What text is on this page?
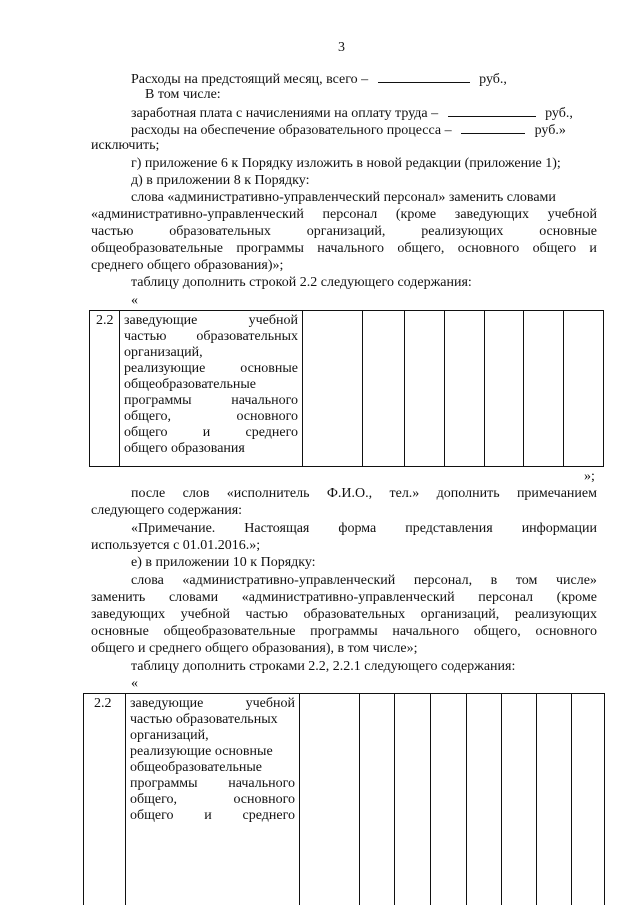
3
Расходы на предстоящий месяц, всего –	руб.,
В том числе:
заработная плата с начислениями на оплату труда –	руб.,
расходы на обеспечение образовательного процесса –	руб.»
исключить;
г) приложение 6 к Порядку изложить в новой редакции (приложение 1);
д) в приложении 8 к Порядку:
слова «административно-управленческий персонал» заменить словами
«административно-управленческий персонал (кроме заведующих учебной
частью	образовательных	организаций,	реализующих	основные
общеобразовательные программы начального общего, основного общего и
среднего общего образования)»;
таблицу дополнить строкой 2.2 следующего содержания:
«
2.2	заведующие	учебной
частью образовательных
организаций,
реализующие основные
общеобразовательные
программы	начального
общего,	основного
общего	и	среднего
общего образования

»;
после слов «исполнитель Ф.И.О., тел.» дополнить примечанием
следующего содержания:
«Примечание. Настоящая форма представления информации
используется с 01.01.2016.»;
е) в приложении 10 к Порядку:
слова «административно-управленческий персонал, в том числе»
заменить словами «административно-управленческий персонал (кроме
заведующих учебной частью образовательных организаций, реализующих
основные общеобразовательные программы начального общего, основного
общего и среднего общего образования), в том числе»;
таблицу дополнить строками 2.2, 2.2.1 следующего содержания:
«
2.2	заведующие	учебной
частью образовательных
организаций,
реализующие основные
общеобразовательные
программы начального
общего,	основного
общего и среднего
